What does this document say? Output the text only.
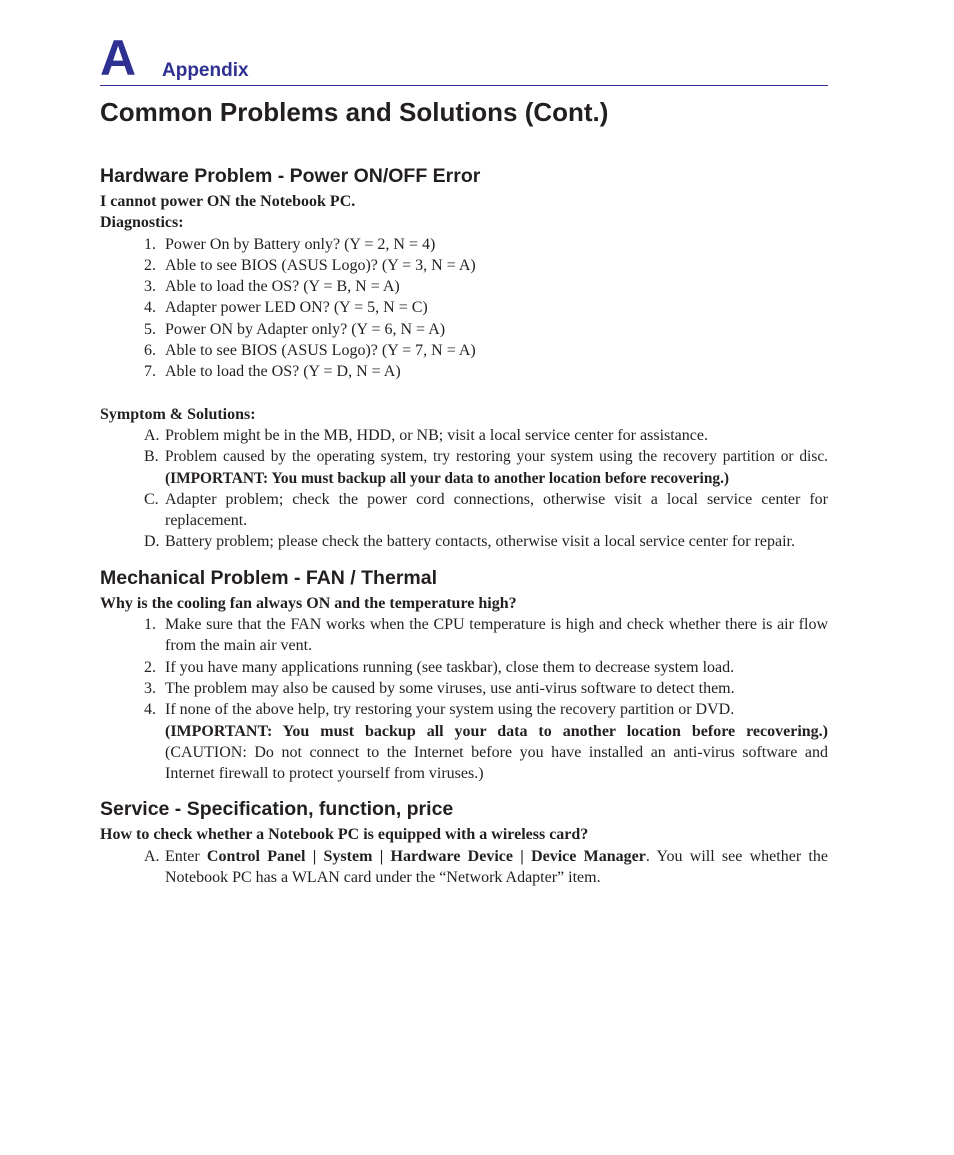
A Appendix
Common Problems and Solutions (Cont.)
Hardware Problem - Power ON/OFF Error

I cannot power ON the Notebook PC.

Diagnostics:

1. Power On by Battery only? (Y = 2, N = 4)
2. Able to see BIOS (ASUS Logo)? (Y = 3, N = A)
3. Able to load the OS? (Y = B, N = A)
4. Adapter power LED ON? (Y = 5, N = C)
5. Power ON by Adapter only? (Y = 6, N = A)
6. Able to see BIOS (ASUS Logo)? (Y = 7, N = A)
7. Able to load the OS? (Y = D, N = A)

Symptom & Solutions:

A. Problem might be in the MB, HDD, or NB; visit a local service center for assistance.
B. Problem caused by the operating system, try restoring your system using the recovery partition or disc. (IMPORTANT: You must backup all your data to another location before recovering.)
C. Adapter problem; check the power cord connections, otherwise visit a local service center for replacement.
D. Battery problem; please check the battery contacts, otherwise visit a local service center for repair.
Mechanical Problem - FAN / Thermal

Why is the cooling fan always ON and the temperature high?

1. Make sure that the FAN works when the CPU temperature is high and check whether there is air flow from the main air vent.
2. If you have many applications running (see taskbar), close them to decrease system load.
3. The problem may also be caused by some viruses, use anti-virus software to detect them.
4. If none of the above help, try restoring your system using the recovery partition or DVD.
(IMPORTANT: You must backup all your data to another location before recovering.) (CAUTION: Do not connect to the Internet before you have installed an anti-virus software and Internet firewall to protect yourself from viruses.)
Service - Specification, function, price

How to check whether a Notebook PC is equipped with a wireless card?

A. Enter Control Panel | System | Hardware Device | Device Manager. You will see whether the Notebook PC has a WLAN card under the “Network Adapter” item.
